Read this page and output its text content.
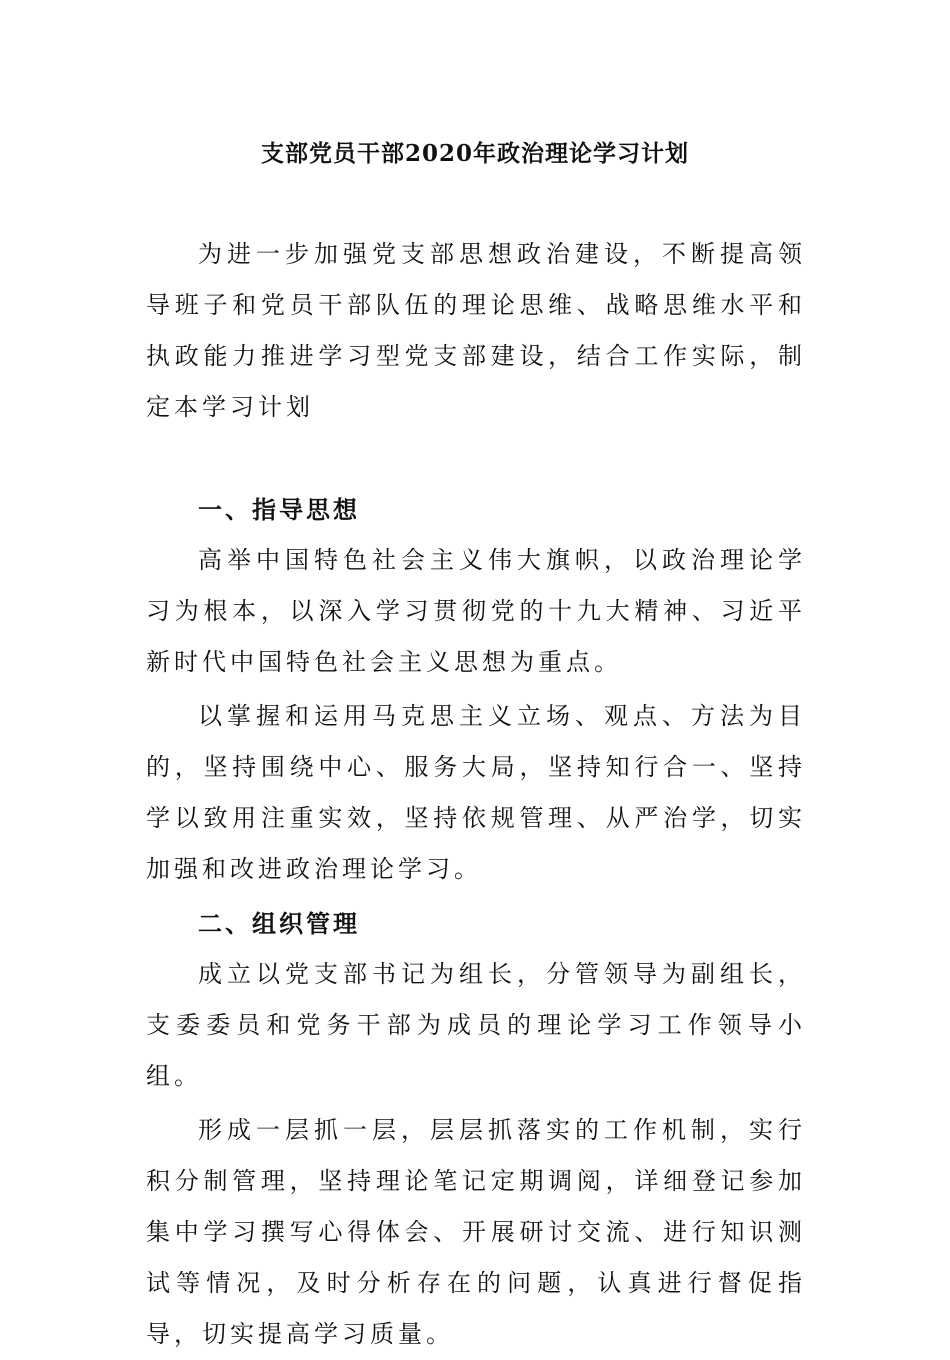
支部党员干部2020年政治理论学习计划

为进一步加强党支部思想政治建设，不断提高领导班子和党员干部队伍的理论思维、战略思维水平和执政能力推进学习型党支部建设，结合工作实际，制定本学习计划

一、指导思想

高举中国特色社会主义伟大旗帜，以政治理论学习为根本，以深入学习贯彻党的十九大精神、习近平新时代中国特色社会主义思想为重点。

以掌握和运用马克思主义立场、观点、方法为目的，坚持围绕中心、服务大局，坚持知行合一、坚持学以致用注重实效，坚持依规管理、从严治学，切实加强和改进政治理论学习。

二、组织管理

成立以党支部书记为组长，分管领导为副组长，支委委员和党务干部为成员的理论学习工作领导小组。

形成一层抓一层，层层抓落实的工作机制，实行积分制管理，坚持理论笔记定期调阅，详细登记参加集中学习撰写心得体会、开展研讨交流、进行知识测试等情况，及时分析存在的问题，认真进行督促指导，切实提高学习质量。
